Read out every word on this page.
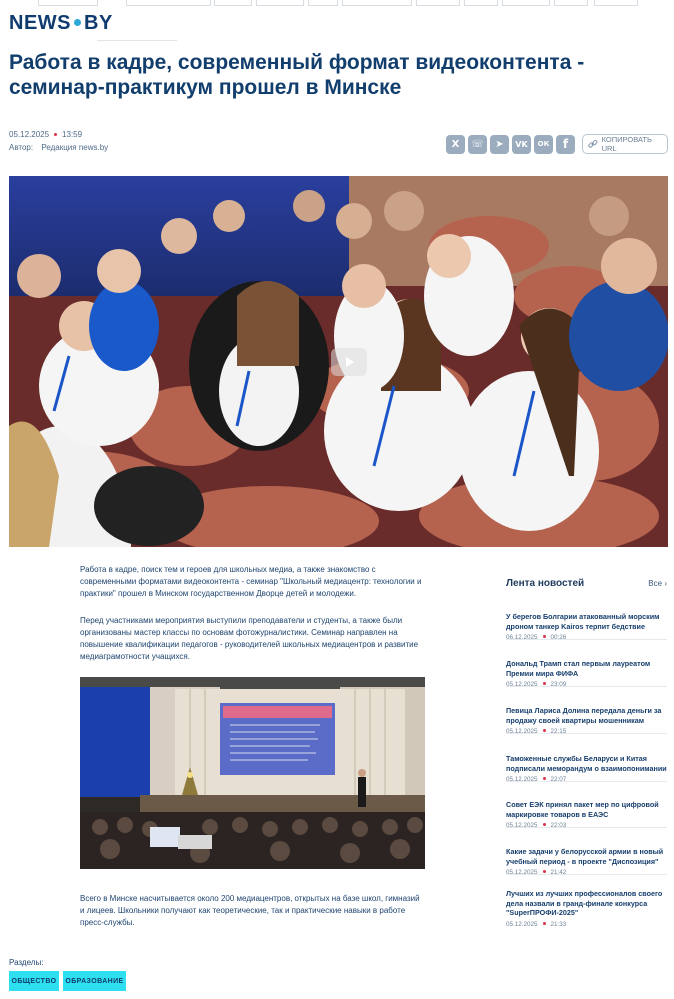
NEWS BY
Работа в кадре, современный формат видеоконтента - семинар-практикум прошел в Минске
05.12.2025 13:59
Автор: Редакция news.by	X ☏ ➤ VK ОК f	КОПИРОВАТЬ URL

Работа в кадре, поиск тем и героев для школьных медиа, а также знакомство с современными форматами видеоконтента - семинар "Школьный медиацентр: технологии и практики" прошел в Минском государственном Дворце детей и молодежи.

Перед участниками мероприятия выступили преподаватели и студенты, а также были организованы мастер классы по основам фотожурналистики. Семинар направлен на повышение квалификации педагогов - руководителей школьных медиацентров и развитие медиаграмотности учащихся.

Всего в Минске насчитывается около 200 медиацентров, открытых на базе школ, гимназий и лицеев. Школьники получают как теоретические, так и практические навыки в работе пресс-службы.

Лента новостей	Все ›
У берегов Болгарии атакованный морским дроном танкер Kairos терпит бедствие
06.12.2025 00:26
Дональд Трамп стал первым лауреатом Премии мира ФИФА
05.12.2025 23:09
Певица Лариса Долина передала деньги за продажу своей квартиры мошенникам
05.12.2025 22:15
Таможенные службы Беларуси и Китая подписали меморандум о взаимопонимании
05.12.2025 22:07
Совет ЕЭК принял пакет мер по цифровой маркировке товаров в ЕАЭС
05.12.2025 22:03
Какие задачи у белорусской армии в новый учебный период - в проекте "Диспозиция"
05.12.2025 21:42
Лучших из лучших профессионалов своего дела назвали в гранд-финале конкурса "SuperПРОФИ-2025"
05.12.2025 21:33
Разделы:
ОБЩЕСТВО	ОБРАЗОВАНИЕ
